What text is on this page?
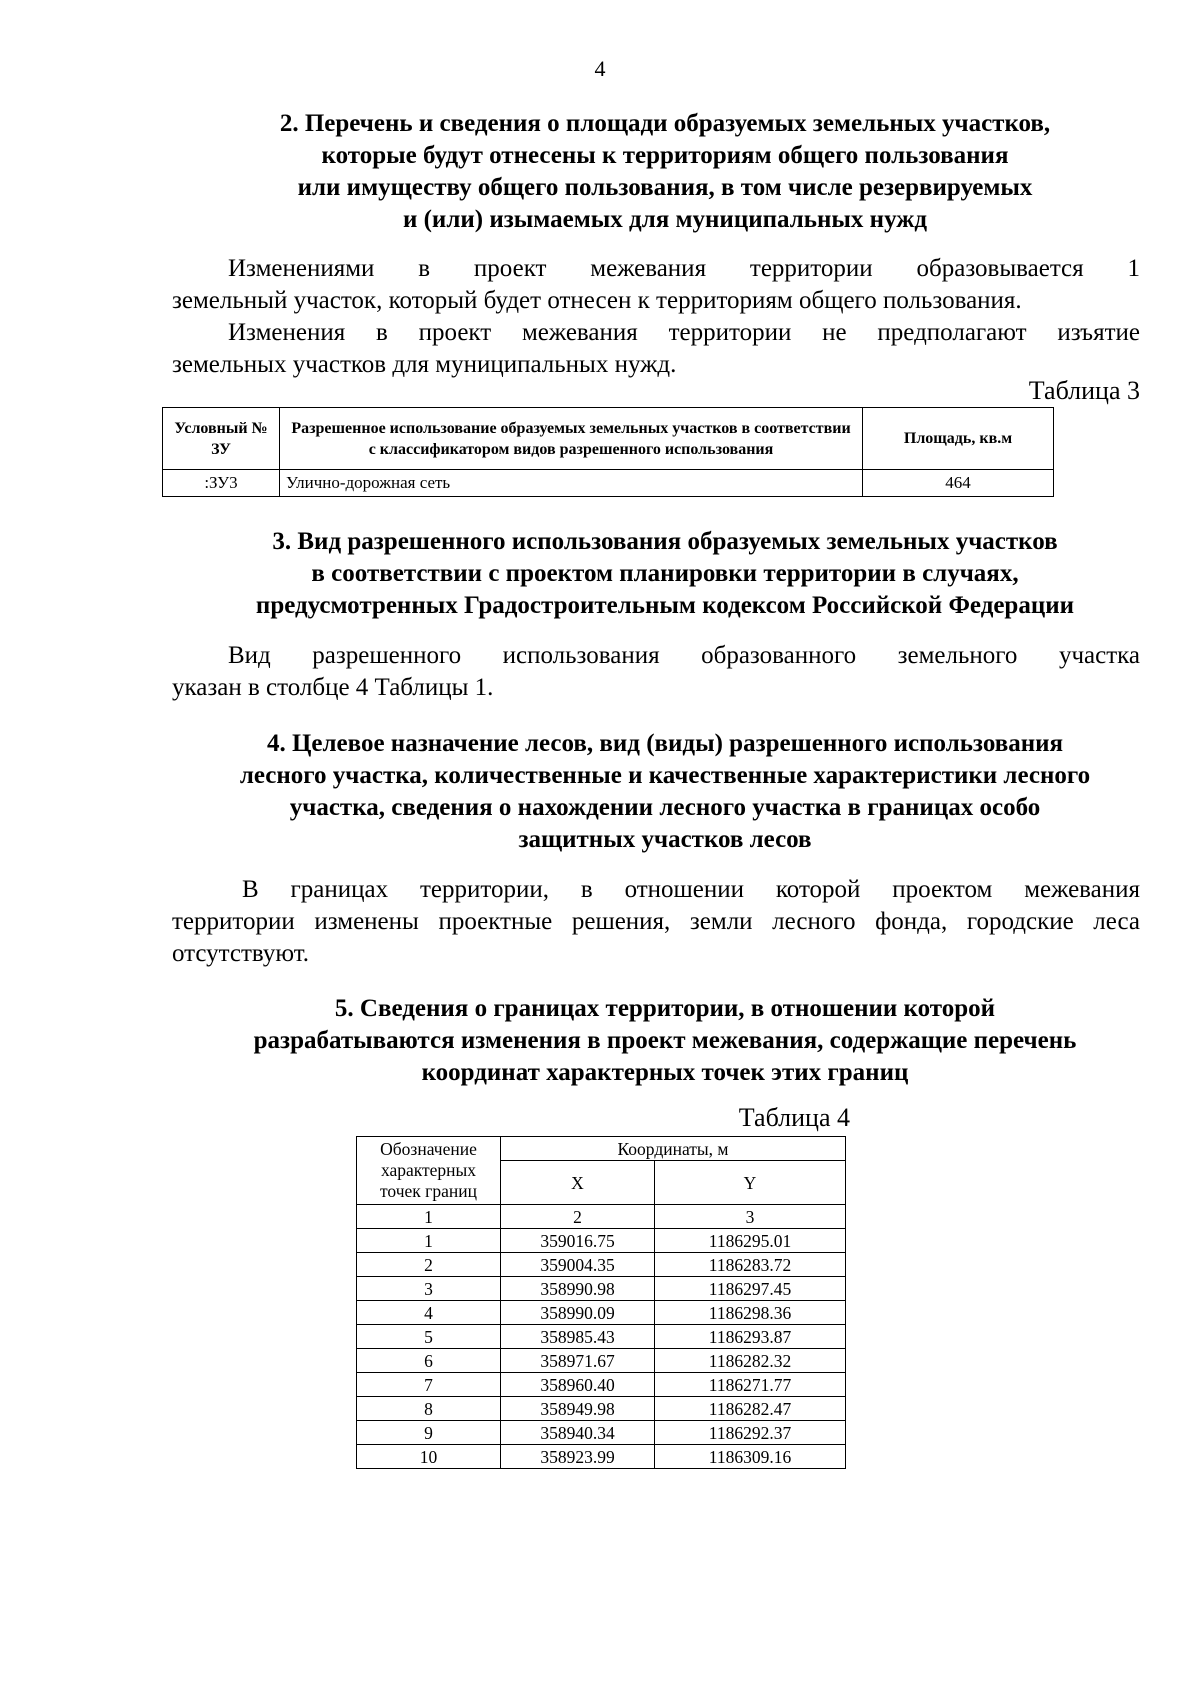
4
2. Перечень и сведения о площади образуемых земельных участков,
которые будут отнесены к территориям общего пользования
или имуществу общего пользования, в том числе резервируемых
и (или) изымаемых для муниципальных нужд
Изменениями в проект межевания территории образовывается 1
земельный участок, который будет отнесен к территориям общего пользования.
Изменения в проект межевания территории не предполагают изъятие
земельных участков для муниципальных нужд.
Таблица 3
Условный № ЗУ	Разрешенное использование образуемых земельных участков в соответствии с классификатором видов разрешенного использования	Площадь, кв.м
:ЗУ3	Улично-дорожная сеть	464
3. Вид разрешенного использования образуемых земельных участков
в соответствии с проектом планировки территории в случаях,
предусмотренных Градостроительным кодексом Российской Федерации
Вид разрешенного использования образованного земельного участка
указан в столбце 4 Таблицы 1.
4. Целевое назначение лесов, вид (виды) разрешенного использования
лесного участка, количественные и качественные характеристики лесного
участка, сведения о нахождении лесного участка в границах особо
защитных участков лесов
В границах территории, в отношении которой проектом межевания
территории изменены проектные решения, земли лесного фонда, городские леса
отсутствуют.
5. Сведения о границах территории, в отношении которой
разрабатываются изменения в проект межевания, содержащие перечень
координат характерных точек этих границ
Таблица 4
Обозначение характерных точек границ	Координаты, м	
	X	Y
1	2	3
1	359016.75	1186295.01
2	359004.35	1186283.72
3	358990.98	1186297.45
4	358990.09	1186298.36
5	358985.43	1186293.87
6	358971.67	1186282.32
7	358960.40	1186271.77
8	358949.98	1186282.47
9	358940.34	1186292.37
10	358923.99	1186309.16
